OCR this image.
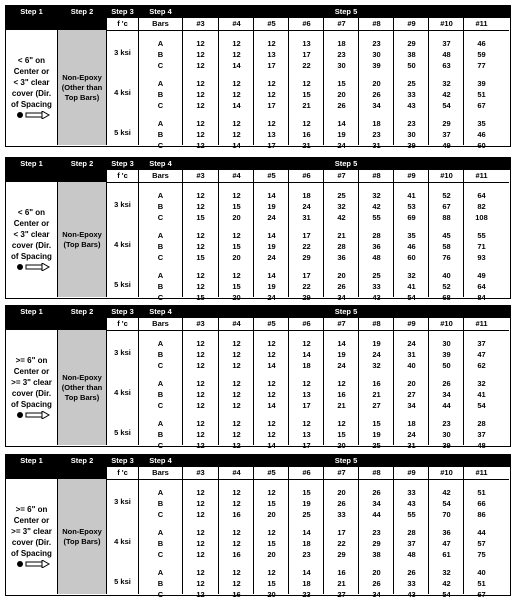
Step 1	Step 2	Step 3	Step 4	Step 5
f 'c	Bars	#3	#4	#5	#6	#7	#8	#9	#10	#11
< 6" on
Center or
< 3" clear
cover (Dir.
of Spacing
Non-Epoxy
(Other than
Top Bars)
3 ksi
A	12	12	12	13	18	23	29	37	46
B	12	12	13	17	23	30	38	48	59
C	12	14	17	22	30	39	50	63	77
4 ksi
A	12	12	12	12	15	20	25	32	39
B	12	12	12	15	20	26	33	42	51
C	12	14	17	21	26	34	43	54	67
5 ksi
A	12	12	12	12	14	18	23	29	35
B	12	12	13	16	19	23	30	37	46
C	12	14	17	21	24	31	39	49	60
Step 1	Step 2	Step 3	Step 4	Step 5
f 'c	Bars	#3	#4	#5	#6	#7	#8	#9	#10	#11
< 6" on
Center or
< 3" clear
cover (Dir.
of Spacing
Non-Epoxy
(Top Bars)
3 ksi
A	12	12	14	18	25	32	41	52	64
B	12	15	19	24	32	42	53	67	82
C	15	20	24	31	42	55	69	88	108
4 ksi
A	12	12	14	17	21	28	35	45	55
B	12	15	19	22	28	36	46	58	71
C	15	20	24	29	36	48	60	76	93
5 ksi
A	12	12	14	17	20	25	32	40	49
B	12	15	19	22	26	33	41	52	64
C	15	20	24	29	34	43	54	68	84
Step 1	Step 2	Step 3	Step 4	Step 5
f 'c	Bars	#3	#4	#5	#6	#7	#8	#9	#10	#11
>= 6" on
Center or
>= 3" clear
cover (Dir.
of Spacing
Non-Epoxy
(Other than
Top Bars)
3 ksi
A	12	12	12	12	14	19	24	30	37
B	12	12	12	14	19	24	31	39	47
C	12	12	14	18	24	32	40	50	62
4 ksi
A	12	12	12	12	12	16	20	26	32
B	12	12	12	13	16	21	27	34	41
C	12	12	14	17	21	27	34	44	54
5 ksi
A	12	12	12	12	12	15	18	23	28
B	12	12	12	13	15	19	24	30	37
C	12	12	14	17	20	25	31	39	48
Step 1	Step 2	Step 3	Step 4	Step 5
f 'c	Bars	#3	#4	#5	#6	#7	#8	#9	#10	#11
>= 6" on
Center or
>= 3" clear
cover (Dir.
of Spacing
Non-Epoxy
(Top Bars)
3 ksi
A	12	12	12	15	20	26	33	42	51
B	12	12	15	19	26	34	43	54	66
C	12	16	20	25	33	44	55	70	86
4 ksi
A	12	12	12	14	17	23	28	36	44
B	12	12	15	18	22	29	37	47	57
C	12	16	20	23	29	38	48	61	75
5 ksi
A	12	12	12	14	16	20	26	32	40
B	12	12	15	18	21	26	33	42	51
C	12	16	20	23	27	34	43	54	67
